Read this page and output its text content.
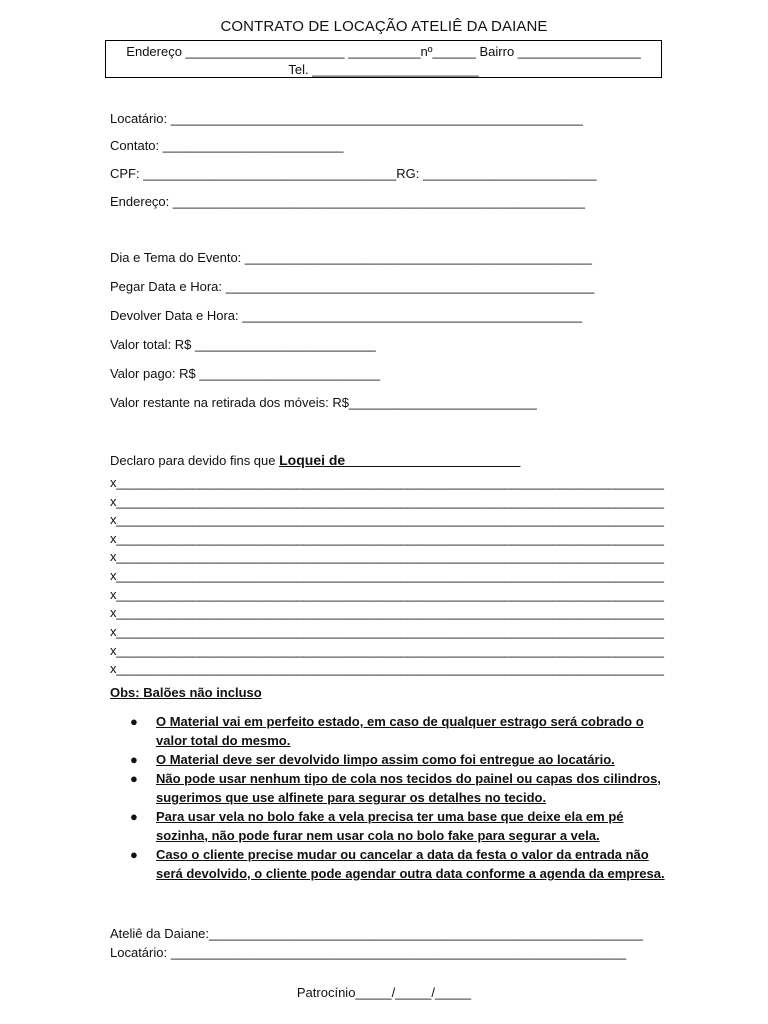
CONTRATO DE LOCAÇÃO ATELIÊ DA DAIANE
Endereço ______________________ __________nº______ Bairro _________________
Tel. _______________________
Locatário: _________________________________________________________
Contato: _________________________
CPF: ___________________________________RG: ________________________
Endereço: _________________________________________________________
Dia e Tema do Evento: ________________________________________________
Pegar Data e Hora: ___________________________________________________
Devolver Data e Hora: _______________________________________________
Valor total: R$ _________________________
Valor pago: R$ _________________________
Valor restante na retirada dos móveis: R$__________________________
Declaro para devido fins que Loquei de ______________________
x_______________________________________________________________________________
x_______________________________________________________________________________
x_______________________________________________________________________________
x_______________________________________________________________________________
x_______________________________________________________________________________
x_______________________________________________________________________________
x_______________________________________________________________________________
x_______________________________________________________________________________
x_______________________________________________________________________________
x_______________________________________________________________________________
x_______________________________________________________________________________
Obs: Balões não incluso
● O Material vai em perfeito estado, em caso de qualquer estrago será cobrado o valor total do mesmo.
● O Material deve ser devolvido limpo assim como foi entregue ao locatário.
● Não pode usar nenhum tipo de cola nos tecidos do painel ou capas dos cilindros, sugerimos que use alfinete para segurar os detalhes no tecido.
● Para usar vela no bolo fake a vela precisa ter uma base que deixe ela em pé sozinha, não pode furar nem usar cola no bolo fake para segurar a vela.
● Caso o cliente precise mudar ou cancelar a data da festa o valor da entrada não será devolvido, o cliente pode agendar outra data conforme a agenda da empresa.
Ateliê da Daiane:____________________________________________________________
Locatário: _______________________________________________________________
Patrocínio_____/_____/_____
